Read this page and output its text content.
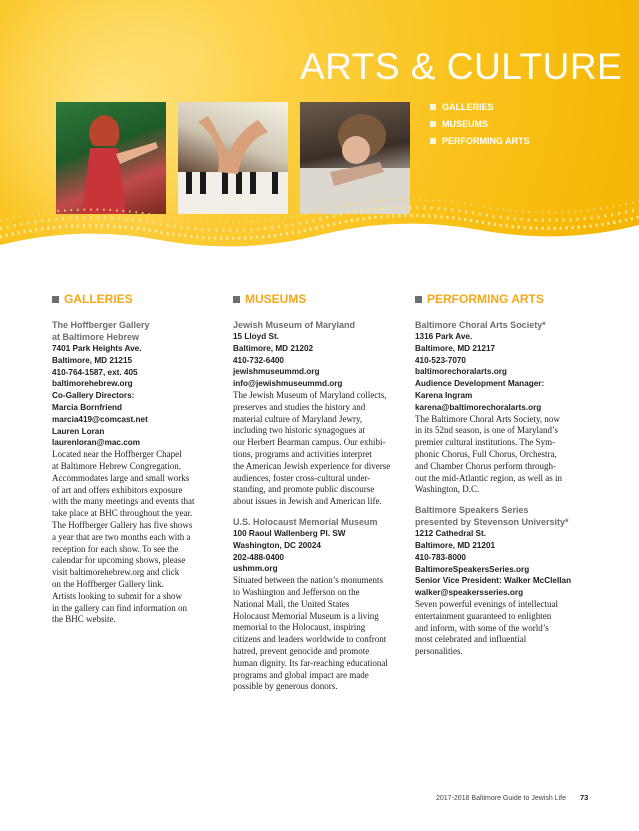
ARTS & CULTURE
GALLERIES
MUSEUMS
PERFORMING ARTS
GALLERIES
The Hoffberger Gallery
at Baltimore Hebrew
7401 Park Heights Ave.
Baltimore, MD 21215
410-764-1587, ext. 405
baltimorehebrew.org
Co-Gallery Directors:
Marcia Bornfriend
marcia419@comcast.net
Lauren Loran
laurenloran@mac.com
Located near the Hoffberger Chapel
at Baltimore Hebrew Congregation.
Accommodates large and small works
of art and offers exhibitors exposure
with the many meetings and events that
take place at BHC throughout the year.
The Hoffberger Gallery has five shows
a year that are two months each with a
reception for each show. To see the
calendar for upcoming shows, please
visit baltimorehebrew.org and click
on the Hoffberger Gallery link.
Artists looking to submit for a show
in the gallery can find information on
the BHC website.
MUSEUMS
Jewish Museum of Maryland
15 Lloyd St.
Baltimore, MD 21202
410-732-6400
jewishmuseummd.org
info@jewishmuseummd.org
The Jewish Museum of Maryland collects,
preserves and studies the history and
material culture of Maryland Jewry,
including two historic synagogues at
our Herbert Bearman campus. Our exhibi-
tions, programs and activities interpret
the American Jewish experience for diverse
audiences, foster cross-cultural under-
standing, and promote public discourse
about issues in Jewish and American life.
U.S. Holocaust Memorial Museum
100 Raoul Wallenberg Pl. SW
Washington, DC 20024
202-488-0400
ushmm.org
Situated between the nation’s monuments
to Washington and Jefferson on the
National Mall, the United States
Holocaust Memorial Museum is a living
memorial to the Holocaust, inspiring
citizens and leaders worldwide to confront
hatred, prevent genocide and promote
human dignity. Its far-reaching educational
programs and global impact are made
possible by generous donors.
PERFORMING ARTS
Baltimore Choral Arts Society*
1316 Park Ave.
Baltimore, MD 21217
410-523-7070
baltimorechoralarts.org
Audience Development Manager:
Karena Ingram
karena@baltimorechoralarts.org
The Baltimore Choral Arts Society, now
in its 52nd season, is one of Maryland’s
premier cultural institutions. The Sym-
phonic Chorus, Full Chorus, Orchestra,
and Chamber Chorus perform through-
out the mid-Atlantic region, as well as in
Washington, D.C.
Baltimore Speakers Series
presented by Stevenson University*
1212 Cathedral St.
Baltimore, MD 21201
410-783-8000
BaltimoreSpeakersSeries.org
Senior Vice President: Walker McClellan
walker@speakersseries.org
Seven powerful evenings of intellectual
entertainment guaranteed to enlighten
and inform, with some of the world’s
most celebrated and influential
personalities.
2017-2018 Baltimore Guide to Jewish Life 73
